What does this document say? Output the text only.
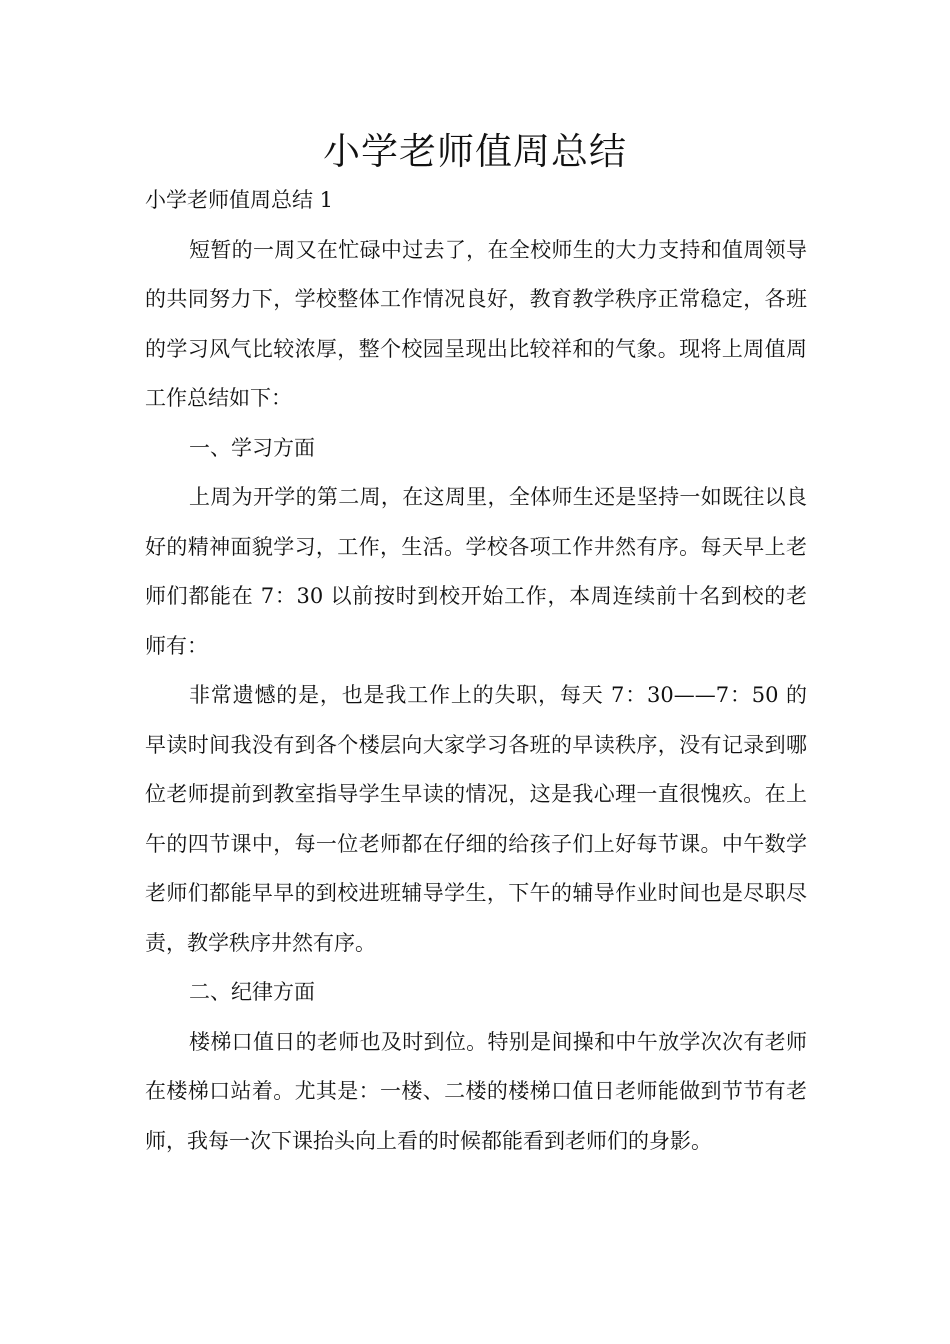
小学老师值周总结

小学老师值周总结 1

短暂的一周又在忙碌中过去了，在全校师生的大力支持和值周领导的共同努力下，学校整体工作情况良好，教育教学秩序正常稳定，各班的学习风气比较浓厚，整个校园呈现出比较祥和的气象。现将上周值周工作总结如下：

一、学习方面

上周为开学的第二周，在这周里，全体师生还是坚持一如既往以良好的精神面貌学习，工作，生活。学校各项工作井然有序。每天早上老师们都能在 7：30 以前按时到校开始工作，本周连续前十名到校的老师有：

非常遗憾的是，也是我工作上的失职，每天 7：30——7：50 的早读时间我没有到各个楼层向大家学习各班的早读秩序，没有记录到哪位老师提前到教室指导学生早读的情况，这是我心理一直很愧疚。在上午的四节课中，每一位老师都在仔细的给孩子们上好每节课。中午数学老师们都能早早的到校进班辅导学生，下午的辅导作业时间也是尽职尽责，教学秩序井然有序。

二、纪律方面

楼梯口值日的老师也及时到位。特别是间操和中午放学次次有老师在楼梯口站着。尤其是：一楼、二楼的楼梯口值日老师能做到节节有老师，我每一次下课抬头向上看的时候都能看到老师们的身影。
